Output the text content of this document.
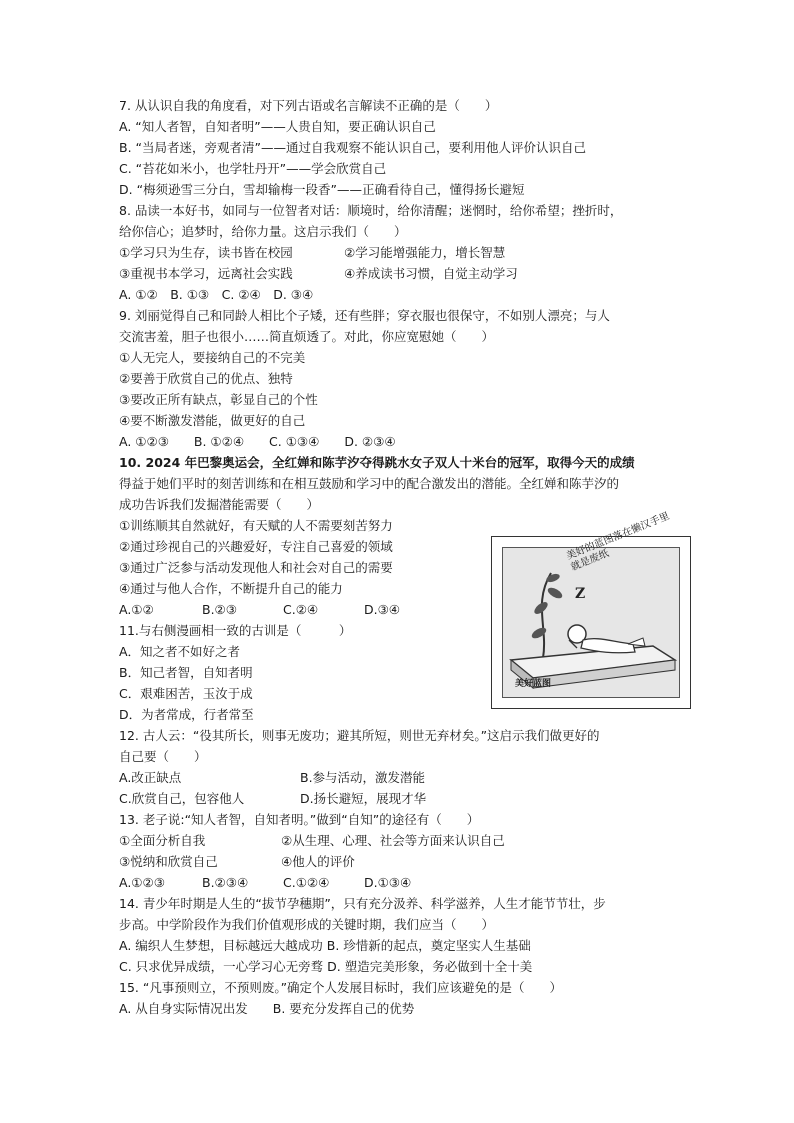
7. 从认识自我的角度看，对下列古语或名言解读不正确的是（　　）
A. “知人者智，自知者明”——人贵自知，要正确认识自己
B. “当局者迷，旁观者清”——通过自我观察不能认识自己，要利用他人评价认识自己
C. “苔花如米小，也学牡丹开”——学会欣赏自己
D. “梅须逊雪三分白，雪却输梅一段香”——正确看待自己，懂得扬长避短
8. 品读一本好书，如同与一位智者对话：顺境时，给你清醒；迷惘时，给你希望；挫折时，
给你信心；追梦时，给你力量。这启示我们（　　）
①学习只为生存，读书皆在校园	②学习能增强能力，增长智慧
③重视书本学习，远离社会实践	④养成读书习惯，自觉主动学习
A. ①②　B. ①③　C. ②④　D. ③④
9. 刘丽觉得自己和同龄人相比个子矮，还有些胖；穿衣服也很保守，不如别人漂亮；与人
交流害羞，胆子也很小……简直烦透了。对此，你应宽慰她（　　）
①人无完人，要接纳自己的不完美
②要善于欣赏自己的优点、独特
③要改正所有缺点，彰显自己的个性
④要不断激发潜能，做更好的自己
A. ①②③　　B. ①②④　　C. ①③④　　D. ②③④
10. 2024 年巴黎奥运会，全红婵和陈芋汐夺得跳水女子双人十米台的冠军，取得今天的成绩
得益于她们平时的刻苦训练和在相互鼓励和学习中的配合激发出的潜能。全红婵和陈芋汐的
成功告诉我们发掘潜能需要（　　）
①训练顺其自然就好，有天赋的人不需要刻苦努力
②通过珍视自己的兴趣爱好，专注自己喜爱的领域
③通过广泛参与活动发现他人和社会对自己的需要
④通过与他人合作，不断提升自己的能力
A.①②	B.②③	C.②④	D.③④
11.与右侧漫画相一致的古训是（　　　）
A．知之者不如好之者
B．知己者智，自知者明
C．艰难困苦，玉汝于成
D．为者常成，行者常至
Z
美好的蓝图落在懒汉手里就是废纸
美好蓝图
12. 古人云：“役其所长，则事无废功；避其所短，则世无弃材矣。”这启示我们做更好的
自己要（　　）
A.改正缺点	B.参与活动，激发潜能
C.欣赏自己，包容他人	D.扬长避短，展现才华
13. 老子说:“知人者智，自知者明。”做到“自知”的途径有（　　）
①全面分析自我	②从生理、心理、社会等方面来认识自己
③悦纳和欣赏自己	④他人的评价
A.①②③	B.②③④	C.①②④	D.①③④
14. 青少年时期是人生的“拔节孕穗期”，只有充分汲养、科学滋养，人生才能节节壮，步
步高。中学阶段作为我们价值观形成的关键时期，我们应当（　　）
A. 编织人生梦想，目标越远大越成功 B. 珍惜新的起点，奠定坚实人生基础
C. 只求优异成绩，一心学习心无旁骛 D. 塑造完美形象，务必做到十全十美
15. “凡事预则立，不预则废。”确定个人发展目标时，我们应该避免的是（　　）
A. 从自身实际情况出发　　B. 要充分发挥自己的优势
